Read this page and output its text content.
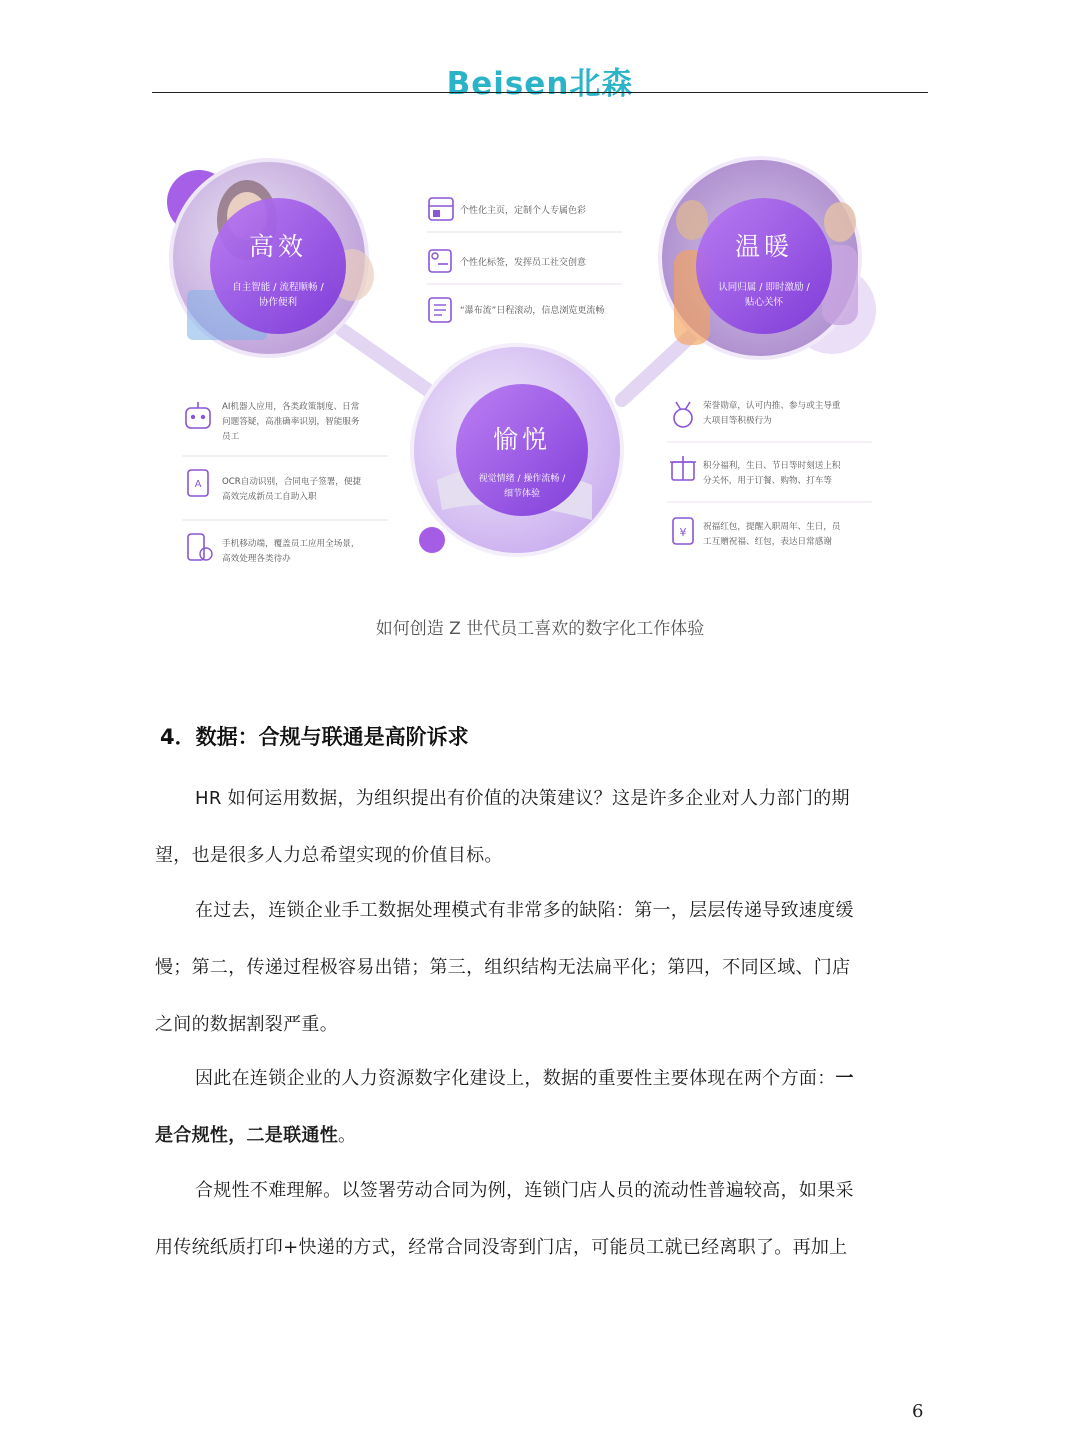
Beisen北森
高效
自主智能 / 流程顺畅 /
协作便利
温暖
认同归属 / 即时激励 /
贴心关怀
愉悦
视觉情绪 / 操作流畅 /
细节体验
个性化主页，定制个人专属色彩
个性化标签，发挥员工社交创意
“瀑布流”日程滚动，信息浏览更流畅
AI机器人应用，各类政策制度、日常
问题答疑，高准确率识别，智能服务
员工
A OCR自动识别，合同电子签署，便捷
高效完成新员工自助入职
手机移动端，覆盖员工应用全场景，
高效处理各类待办
荣誉勋章，认可内推、参与或主导重
大项目等积极行为
积分福利，生日、节日等时刻送上积
分关怀，用于订餐、购物、打车等
¥ 祝福红包，提醒入职周年、生日，员
工互赠祝福、红包，表达日常感谢
如何创造 Z 世代员工喜欢的数字化工作体验
4．数据：合规与联通是高阶诉求
HR 如何运用数据，为组织提出有价值的决策建议？这是许多企业对人力部门的期
望，也是很多人力总希望实现的价值目标。
在过去，连锁企业手工数据处理模式有非常多的缺陷：第一，层层传递导致速度缓
慢；第二，传递过程极容易出错；第三，组织结构无法扁平化；第四，不同区域、门店
之间的数据割裂严重。
因此在连锁企业的人力资源数字化建设上，数据的重要性主要体现在两个方面：一
是合规性，二是联通性。
合规性不难理解。以签署劳动合同为例，连锁门店人员的流动性普遍较高，如果采
用传统纸质打印+快递的方式，经常合同没寄到门店，可能员工就已经离职了。再加上
6
